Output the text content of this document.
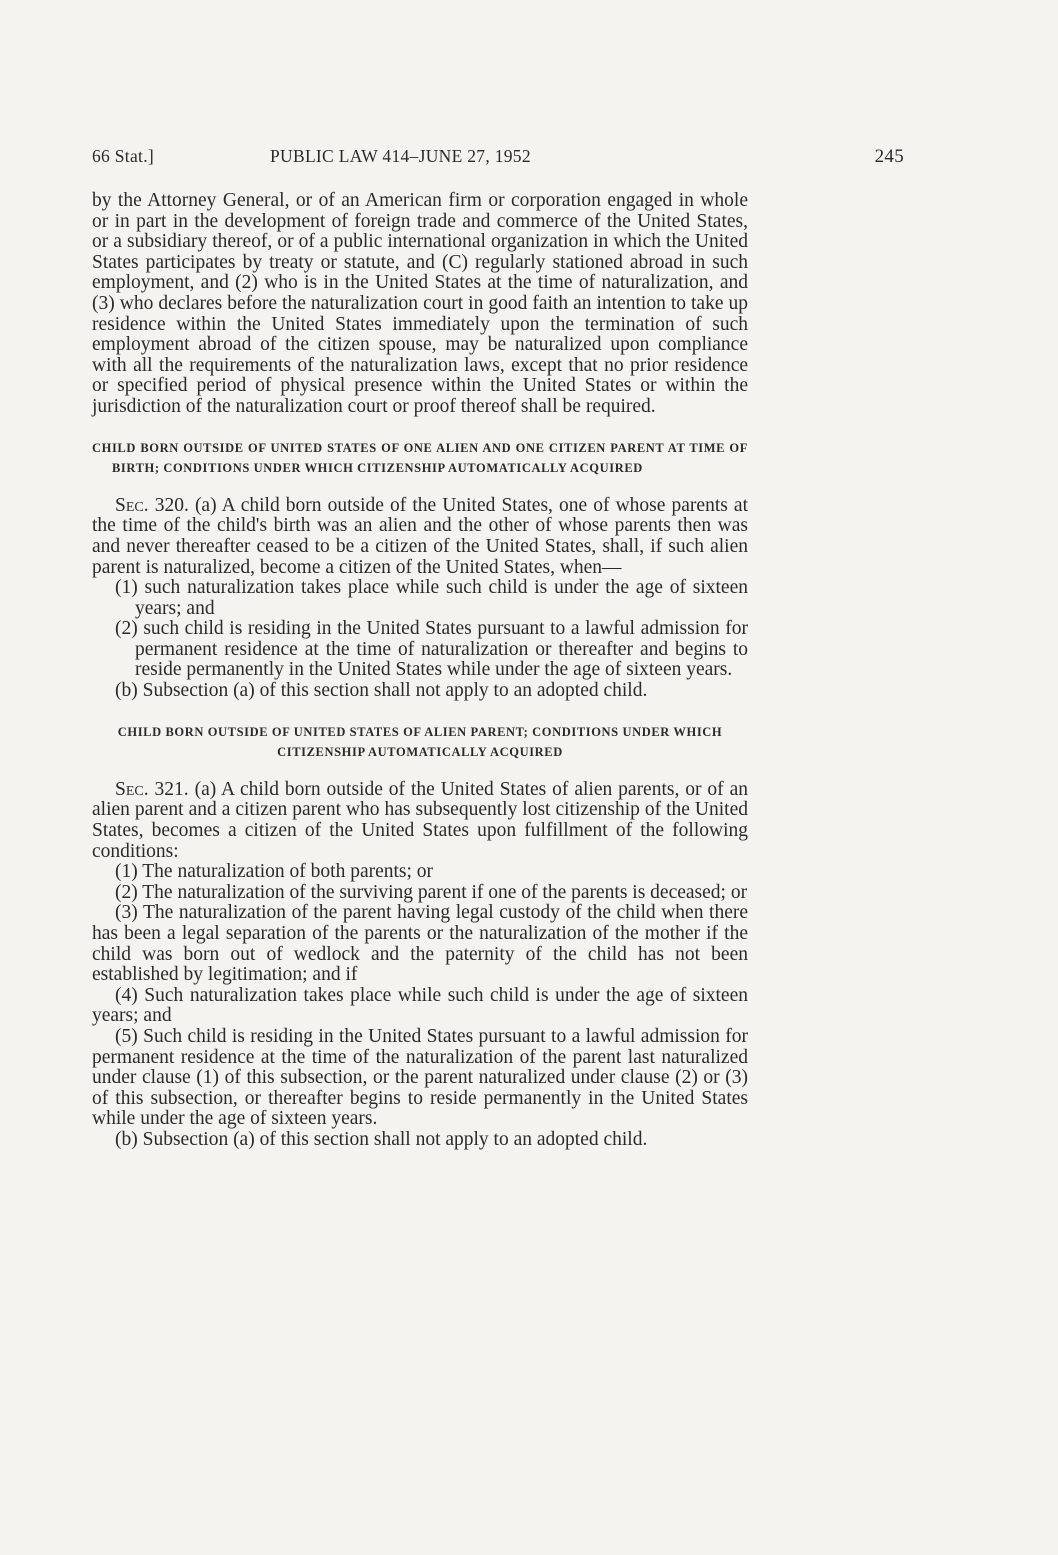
66 Stat.]	PUBLIC LAW 414–JUNE 27, 1952	245

by the Attorney General, or of an American firm or corporation engaged in whole or in part in the development of foreign trade and commerce of the United States, or a subsidiary thereof, or of a public international organization in which the United States participates by treaty or statute, and (C) regularly stationed abroad in such employment, and (2) who is in the United States at the time of naturalization, and (3) who declares before the naturalization court in good faith an intention to take up residence within the United States immediately upon the termination of such employment abroad of the citizen spouse, may be naturalized upon compliance with all the requirements of the naturalization laws, except that no prior residence or specified period of physical presence within the United States or within the jurisdiction of the naturalization court or proof thereof shall be required.

CHILD BORN OUTSIDE OF UNITED STATES OF ONE ALIEN AND ONE CITIZEN PARENT AT TIME OF BIRTH; CONDITIONS UNDER WHICH CITIZENSHIP AUTOMATICALLY ACQUIRED

Sec. 320. (a) A child born outside of the United States, one of whose parents at the time of the child's birth was an alien and the other of whose parents then was and never thereafter ceased to be a citizen of the United States, shall, if such alien parent is naturalized, become a citizen of the United States, when—

(1) such naturalization takes place while such child is under the age of sixteen years; and

(2) such child is residing in the United States pursuant to a lawful admission for permanent residence at the time of naturalization or thereafter and begins to reside permanently in the United States while under the age of sixteen years.

(b) Subsection (a) of this section shall not apply to an adopted child.

CHILD BORN OUTSIDE OF UNITED STATES OF ALIEN PARENT; CONDITIONS UNDER WHICH CITIZENSHIP AUTOMATICALLY ACQUIRED

Sec. 321. (a) A child born outside of the United States of alien parents, or of an alien parent and a citizen parent who has subsequently lost citizenship of the United States, becomes a citizen of the United States upon fulfillment of the following conditions:

(1) The naturalization of both parents; or

(2) The naturalization of the surviving parent if one of the parents is deceased; or

(3) The naturalization of the parent having legal custody of the child when there has been a legal separation of the parents or the naturalization of the mother if the child was born out of wedlock and the paternity of the child has not been established by legitimation; and if

(4) Such naturalization takes place while such child is under the age of sixteen years; and

(5) Such child is residing in the United States pursuant to a lawful admission for permanent residence at the time of the naturalization of the parent last naturalized under clause (1) of this subsection, or the parent naturalized under clause (2) or (3) of this subsection, or thereafter begins to reside permanently in the United States while under the age of sixteen years.

(b) Subsection (a) of this section shall not apply to an adopted child.
